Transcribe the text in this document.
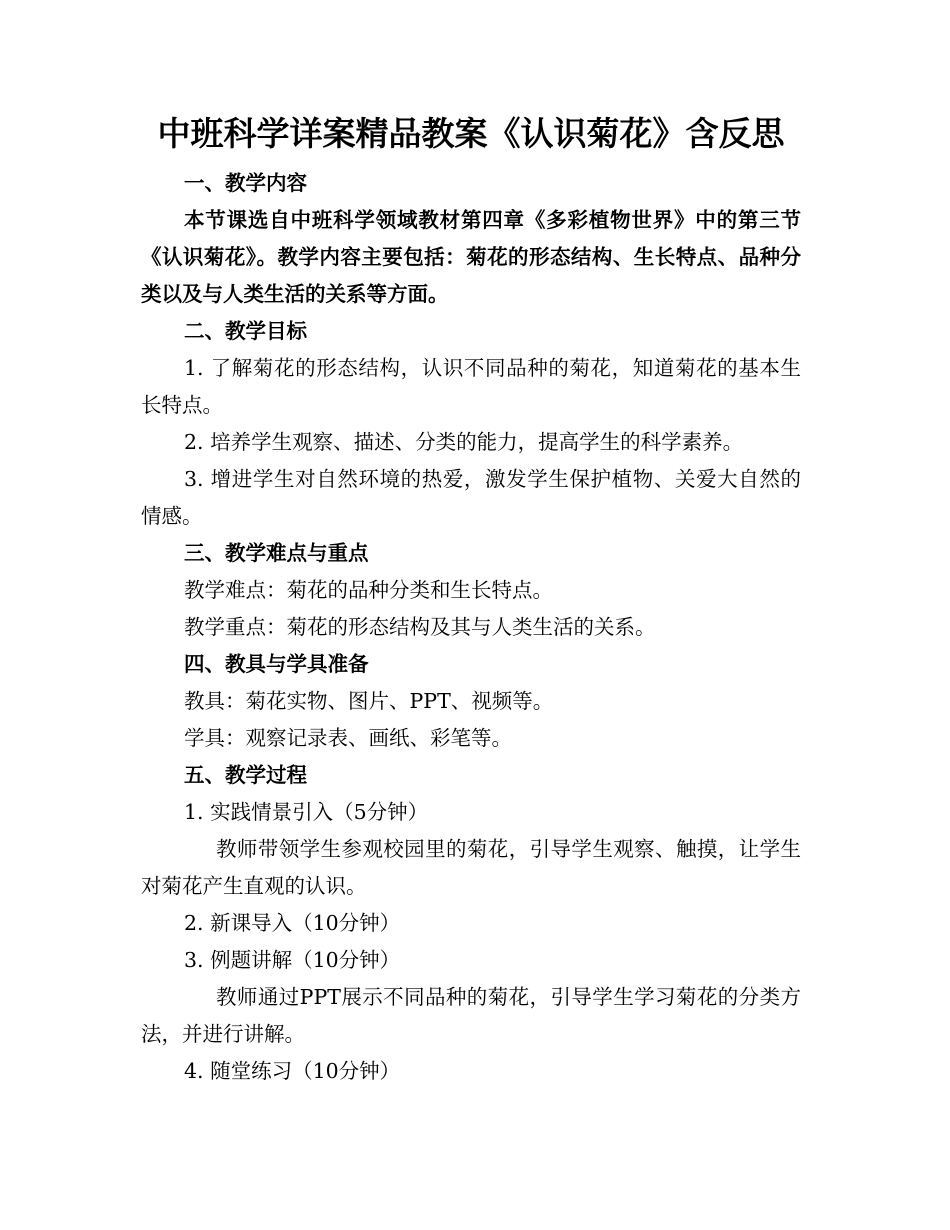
中班科学详案精品教案《认识菊花》含反思

一、教学内容

本节课选自中班科学领域教材第四章《多彩植物世界》中的第三节《认识菊花》。教学内容主要包括：菊花的形态结构、生长特点、品种分类以及与人类生活的关系等方面。

二、教学目标

1. 了解菊花的形态结构，认识不同品种的菊花，知道菊花的基本生长特点。

2. 培养学生观察、描述、分类的能力，提高学生的科学素养。

3. 增进学生对自然环境的热爱，激发学生保护植物、关爱大自然的情感。

三、教学难点与重点

教学难点：菊花的品种分类和生长特点。

教学重点：菊花的形态结构及其与人类生活的关系。

四、教具与学具准备

教具：菊花实物、图片、PPT、视频等。

学具：观察记录表、画纸、彩笔等。

五、教学过程

1. 实践情景引入（5分钟）

教师带领学生参观校园里的菊花，引导学生观察、触摸，让学生对菊花产生直观的认识。

2. 新课导入（10分钟）

3. 例题讲解（10分钟）

教师通过PPT展示不同品种的菊花，引导学生学习菊花的分类方法，并进行讲解。

4. 随堂练习（10分钟）
